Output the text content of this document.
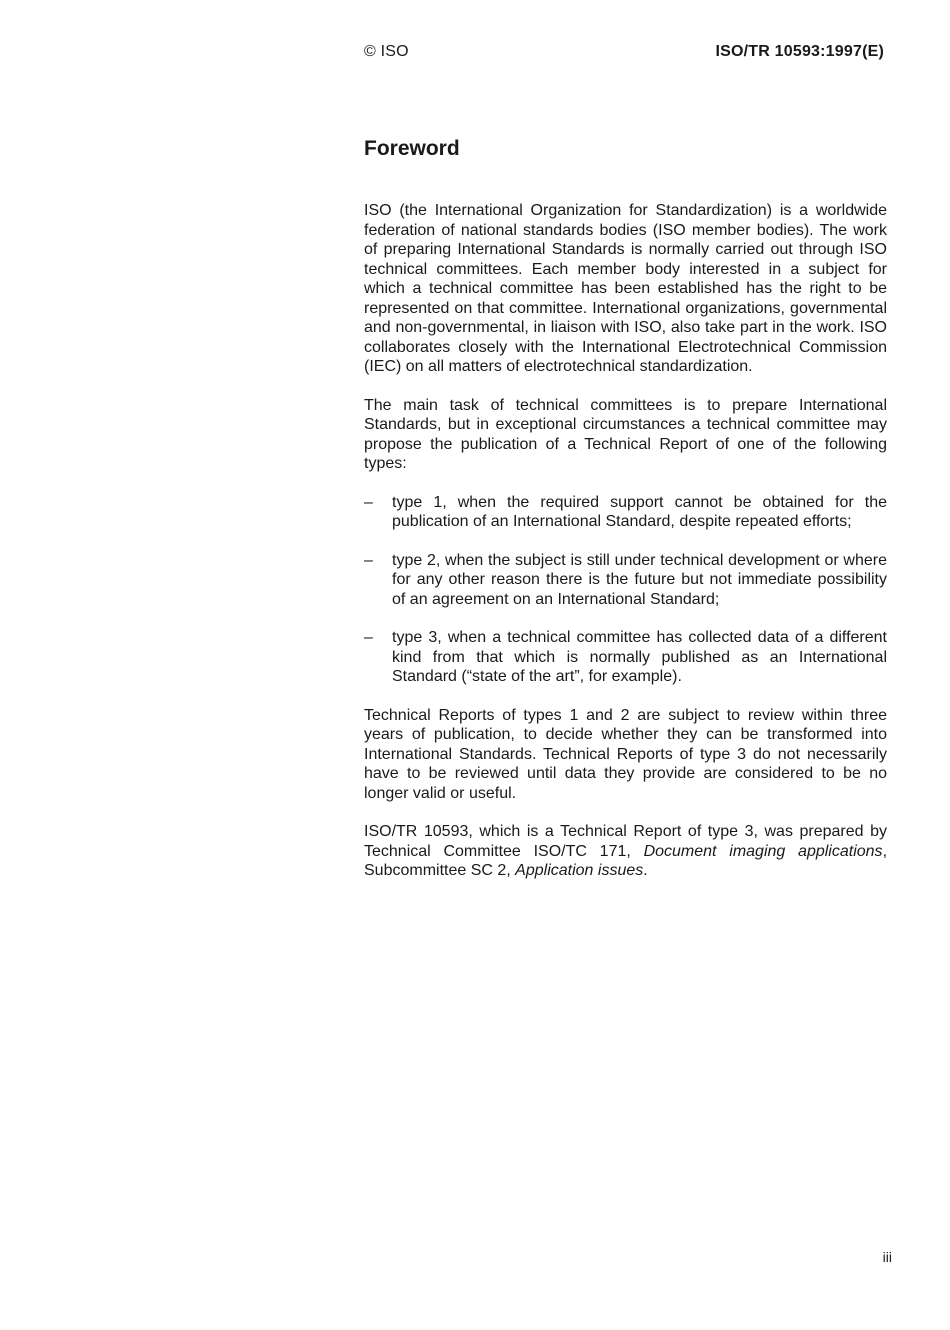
© ISO	ISO/TR 10593:1997(E)
Foreword

ISO (the International Organization for Standardization) is a worldwide federation of national standards bodies (ISO member bodies). The work of preparing International Standards is normally carried out through ISO technical committees. Each member body interested in a subject for which a technical committee has been established has the right to be represented on that committee. International organizations, governmental and non-governmental, in liaison with ISO, also take part in the work. ISO collaborates closely with the International Electrotechnical Commission (IEC) on all matters of electrotechnical standardization.

The main task of technical committees is to prepare International Standards, but in exceptional circumstances a technical committee may propose the publication of a Technical Report of one of the following types:

– type 1, when the required support cannot be obtained for the publication of an International Standard, despite repeated efforts;
– type 2, when the subject is still under technical development or where for any other reason there is the future but not immediate possibility of an agreement on an International Standard;
– type 3, when a technical committee has collected data of a different kind from that which is normally published as an International Standard (“state of the art”, for example).

Technical Reports of types 1 and 2 are subject to review within three years of publication, to decide whether they can be transformed into International Standards. Technical Reports of type 3 do not necessarily have to be reviewed until data they provide are considered to be no longer valid or useful.

ISO/TR 10593, which is a Technical Report of type 3, was prepared by Technical Committee ISO/TC 171, Document imaging applications, Subcommittee SC 2, Application issues.

iii
